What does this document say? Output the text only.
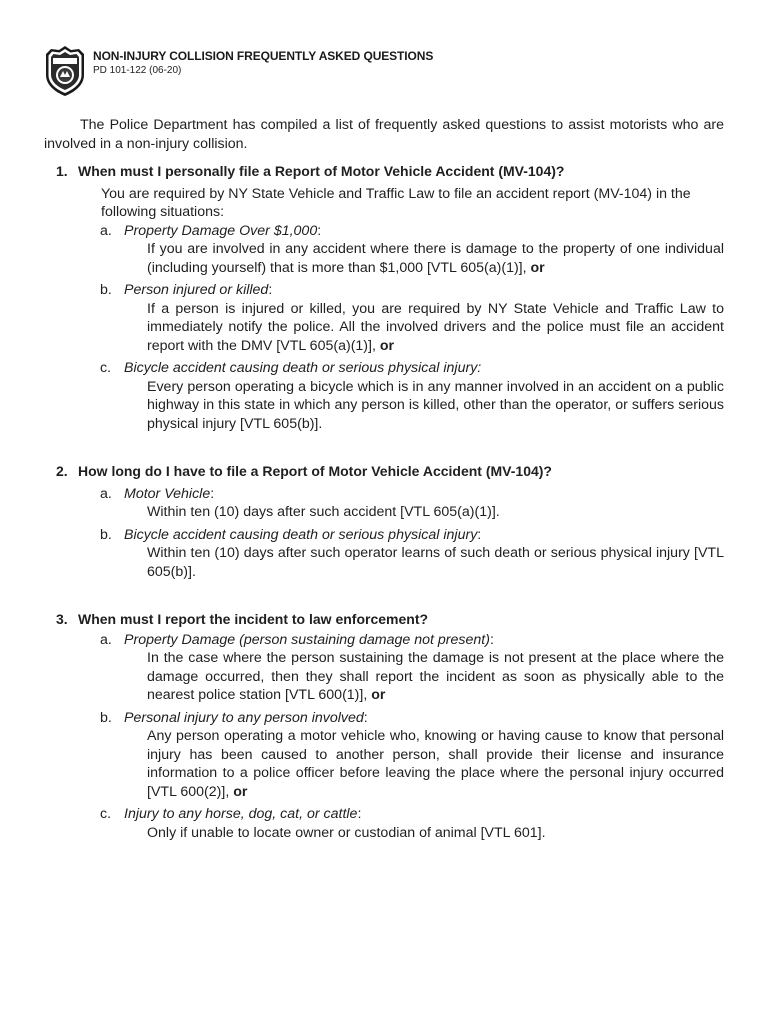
NON-INJURY COLLISION FREQUENTLY ASKED QUESTIONS
PD 101-122 (06-20)

The Police Department has compiled a list of frequently asked questions to assist motorists who are involved in a non-injury collision.

1. When must I personally file a Report of Motor Vehicle Accident (MV-104)?
You are required by NY State Vehicle and Traffic Law to file an accident report (MV-104) in the following situations:
a. Property Damage Over $1,000 :
If you are involved in any accident where there is damage to the property of one individual (including yourself) that is more than $1,000 [VTL 605(a)(1)], or
b. Person injured or killed :
If a person is injured or killed, you are required by NY State Vehicle and Traffic Law to immediately notify the police. All the involved drivers and the police must file an accident report with the DMV [VTL 605(a)(1)], or
c. Bicycle accident causing death or serious physical injury :
Every person operating a bicycle which is in any manner involved in an accident on a public highway in this state in which any person is killed, other than the operator, or suffers serious physical injury [VTL 605(b)].
2. How long do I have to file a Report of Motor Vehicle Accident (MV-104)?
a. Motor Vehicle :
Within ten (10) days after such accident [VTL 605(a)(1)].
b. Bicycle accident causing death or serious physical injury :
Within ten (10) days after such operator learns of such death or serious physical injury [VTL 605(b)].
3. When must I report the incident to law enforcement?
a. Property Damage (person sustaining damage not present) :
In the case where the person sustaining the damage is not present at the place where the damage occurred, then they shall report the incident as soon as physically able to the nearest police station [VTL 600(1)], or
b. Personal injury to any person involved :
Any person operating a motor vehicle who, knowing or having cause to know that personal injury has been caused to another person, shall provide their license and insurance information to a police officer before leaving the place where the personal injury occurred [VTL 600(2)], or
c. Injury to any horse, dog, cat, or cattle :
Only if unable to locate owner or custodian of animal [VTL 601].
